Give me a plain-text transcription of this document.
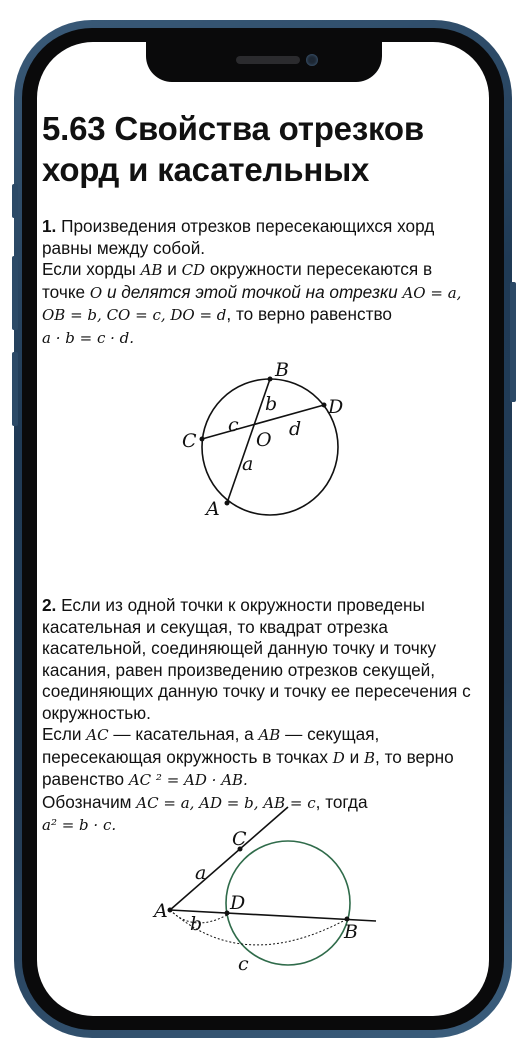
5.63 Свойства отрезков хорд и касательных

1. Произведения отрезков пересекающихся хорд равны между собой.
Если хорды AB и CD окружности пересекаются в точке O и делятся этой точкой на отрезки AO = a,
OB = b, CO = c, DO = d, то верно равенство
a · b = c · d.

2. Если из одной точки к окружности проведены касательная и секущая, то квадрат отрезка касательной, соединяющей данную точку и точку касания, равен произведению отрезков секущей, соединяющих данную точку и точку ее пересечения с окружностью.
Если AC — касательная, а AB — секущая, пересекающая окружность в точках D и B, то верно равенство AC ² = AD · AB.
Обозначим AC = a, AD = b, AB = c, тогда
a² = b · c.

B
A
C
D
O
b
a
c	d
A
C
D
B
a
b
c
